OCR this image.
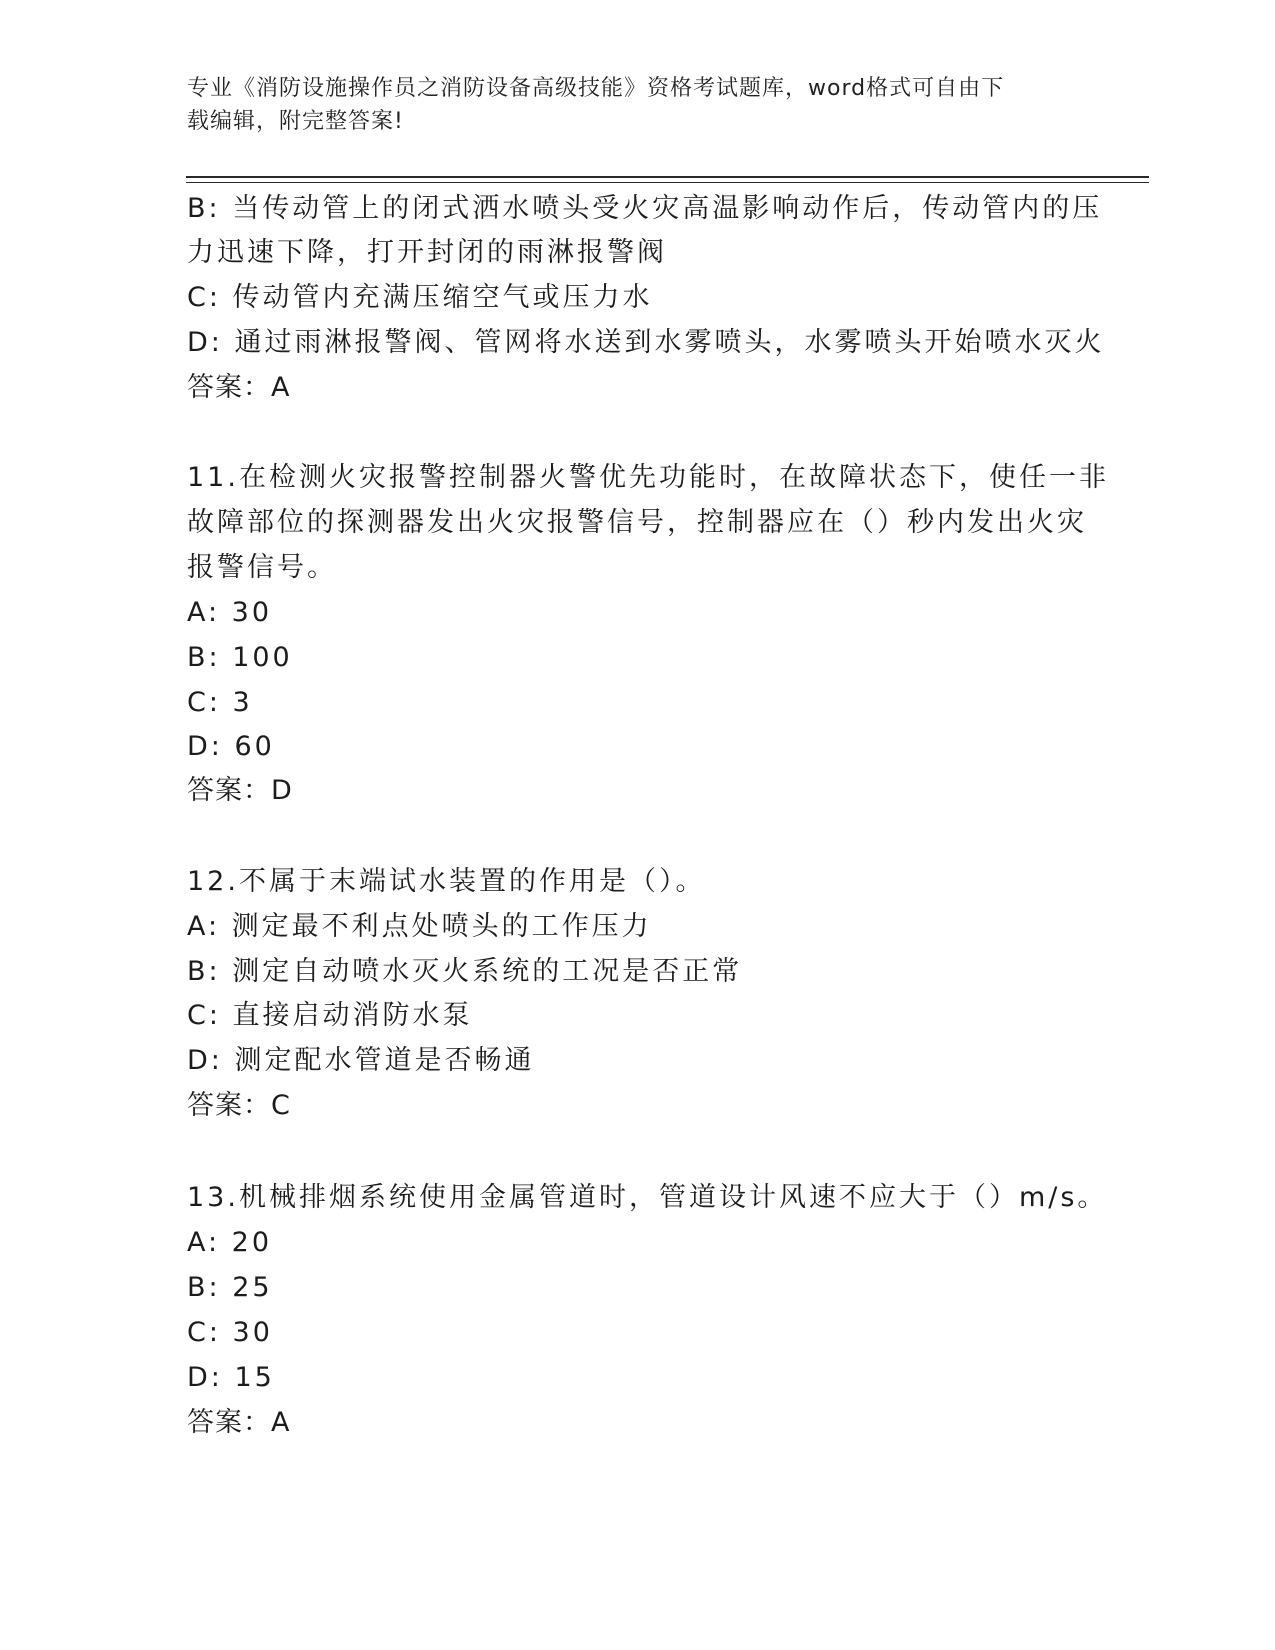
专业《消防设施操作员之消防设备高级技能》资格考试题库，word格式可自由下
载编辑，附完整答案!
B: 当传动管上的闭式洒水喷头受火灾高温影响动作后，传动管内的压
力迅速下降，打开封闭的雨淋报警阀
C: 传动管内充满压缩空气或压力水
D: 通过雨淋报警阀、管网将水送到水雾喷头，水雾喷头开始喷水灭火
答案：A
11.在检测火灾报警控制器火警优先功能时，在故障状态下，使任一非
故障部位的探测器发出火灾报警信号，控制器应在（）秒内发出火灾
报警信号。
A: 30
B: 100
C: 3
D: 60
答案：D
12.不属于末端试水装置的作用是（）。
A: 测定最不利点处喷头的工作压力
B: 测定自动喷水灭火系统的工况是否正常
C: 直接启动消防水泵
D: 测定配水管道是否畅通
答案：C
13.机械排烟系统使用金属管道时，管道设计风速不应大于（）m/s。
A: 20
B: 25
C: 30
D: 15
答案：A
